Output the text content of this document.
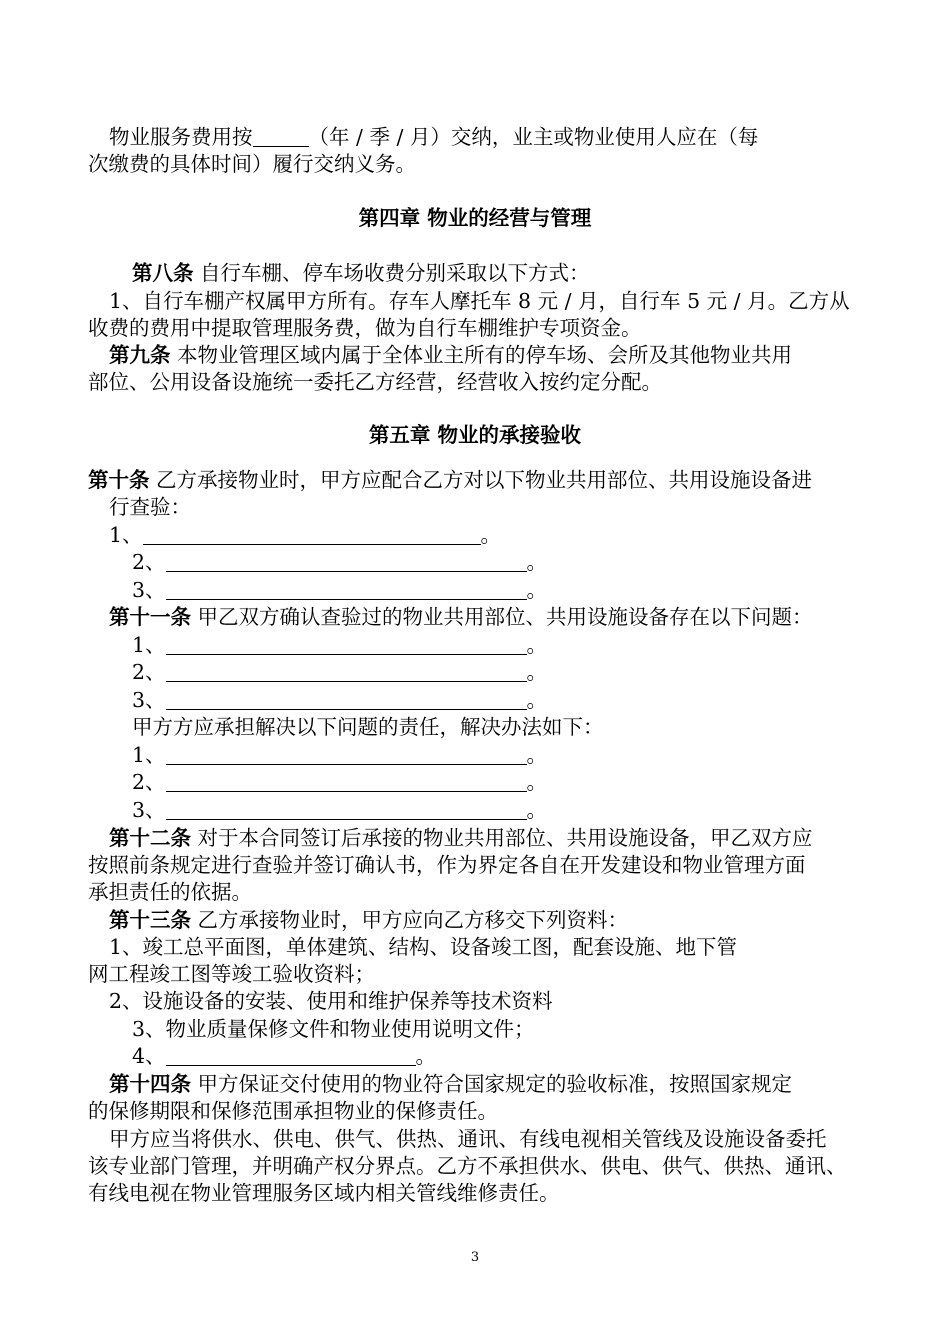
物业服务费用按	（年 / 季 / 月）交纳，业主或物业使用人应在（每
次缴费的具体时间）履行交纳义务。
第四章 物业的经营与管理
第八条 自行车棚、停车场收费分别采取以下方式：
1、自行车棚产权属甲方所有。存车人摩托车 8 元 / 月，自行车 5 元 / 月。乙方从
收费的费用中提取管理服务费，做为自行车棚维护专项资金。
第九条 本物业管理区域内属于全体业主所有的停车场、会所及其他物业共用
部位、公用设备设施统一委托乙方经营，经营收入按约定分配。
第五章 物业的承接验收
第十条 乙方承接物业时，甲方应配合乙方对以下物业共用部位、共用设施设备进
行查验：
1、	。
2、	。
3、	。
第十一条 甲乙双方确认查验过的物业共用部位、共用设施设备存在以下问题：
1、	。
2、	。
3、	。
甲方方应承担解决以下问题的责任，解决办法如下：
1、	。
2、	。
3、	。
第十二条 对于本合同签订后承接的物业共用部位、共用设施设备，甲乙双方应
按照前条规定进行查验并签订确认书，作为界定各自在开发建设和物业管理方面
承担责任的依据。
第十三条 乙方承接物业时，甲方应向乙方移交下列资料：
1、竣工总平面图，单体建筑、结构、设备竣工图，配套设施、地下管
网工程竣工图等竣工验收资料；
2、设施设备的安装、使用和维护保养等技术资料
3、物业质量保修文件和物业使用说明文件；
4、	。
第十四条 甲方保证交付使用的物业符合国家规定的验收标准，按照国家规定
的保修期限和保修范围承担物业的保修责任。
甲方应当将供水、供电、供气、供热、通讯、有线电视相关管线及设施设备委托
该专业部门管理，并明确产权分界点。乙方不承担供水、供电、供气、供热、通讯、
有线电视在物业管理服务区域内相关管线维修责任。
3
